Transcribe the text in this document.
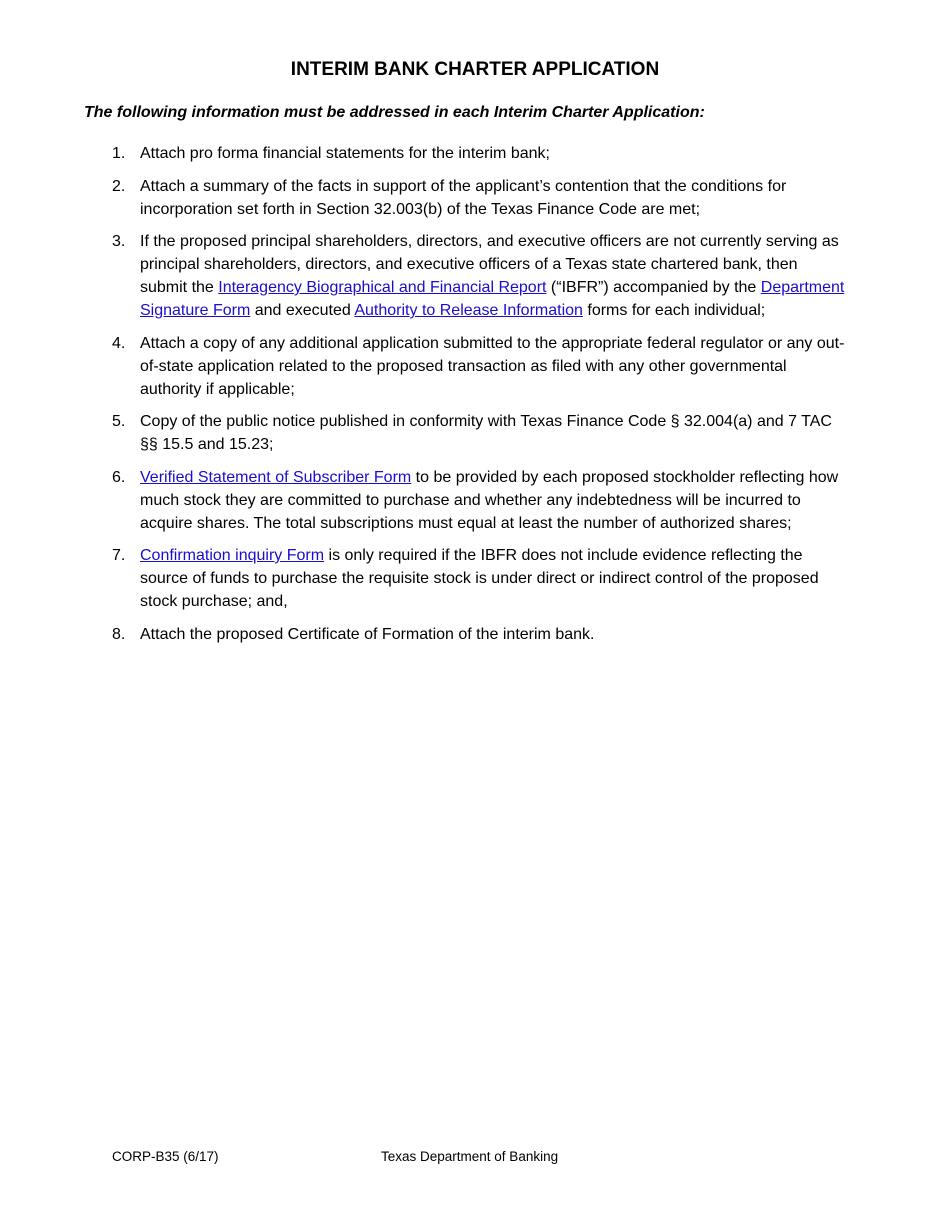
INTERIM BANK CHARTER APPLICATION

The following information must be addressed in each Interim Charter Application:

1. Attach pro forma financial statements for the interim bank;
2. Attach a summary of the facts in support of the applicant’s contention that the conditions for incorporation set forth in Section 32.003(b) of the Texas Finance Code are met;
3. If the proposed principal shareholders, directors, and executive officers are not currently serving as principal shareholders, directors, and executive officers of a Texas state chartered bank, then submit the Interagency Biographical and Financial Report (“IBFR”) accompanied by the Department Signature Form and executed Authority to Release Information forms for each individual;
4. Attach a copy of any additional application submitted to the appropriate federal regulator or any out-of-state application related to the proposed transaction as filed with any other governmental authority if applicable;
5. Copy of the public notice published in conformity with Texas Finance Code § 32.004(a) and 7 TAC §§ 15.5 and 15.23;
6. Verified Statement of Subscriber Form to be provided by each proposed stockholder reflecting how much stock they are committed to purchase and whether any indebtedness will be incurred to acquire shares. The total subscriptions must equal at least the number of authorized shares;
7. Confirmation inquiry Form is only required if the IBFR does not include evidence reflecting the source of funds to purchase the requisite stock is under direct or indirect control of the proposed stock purchase; and,
8. Attach the proposed Certificate of Formation of the interim bank.
CORP-B35 (6/17)	Texas Department of Banking
